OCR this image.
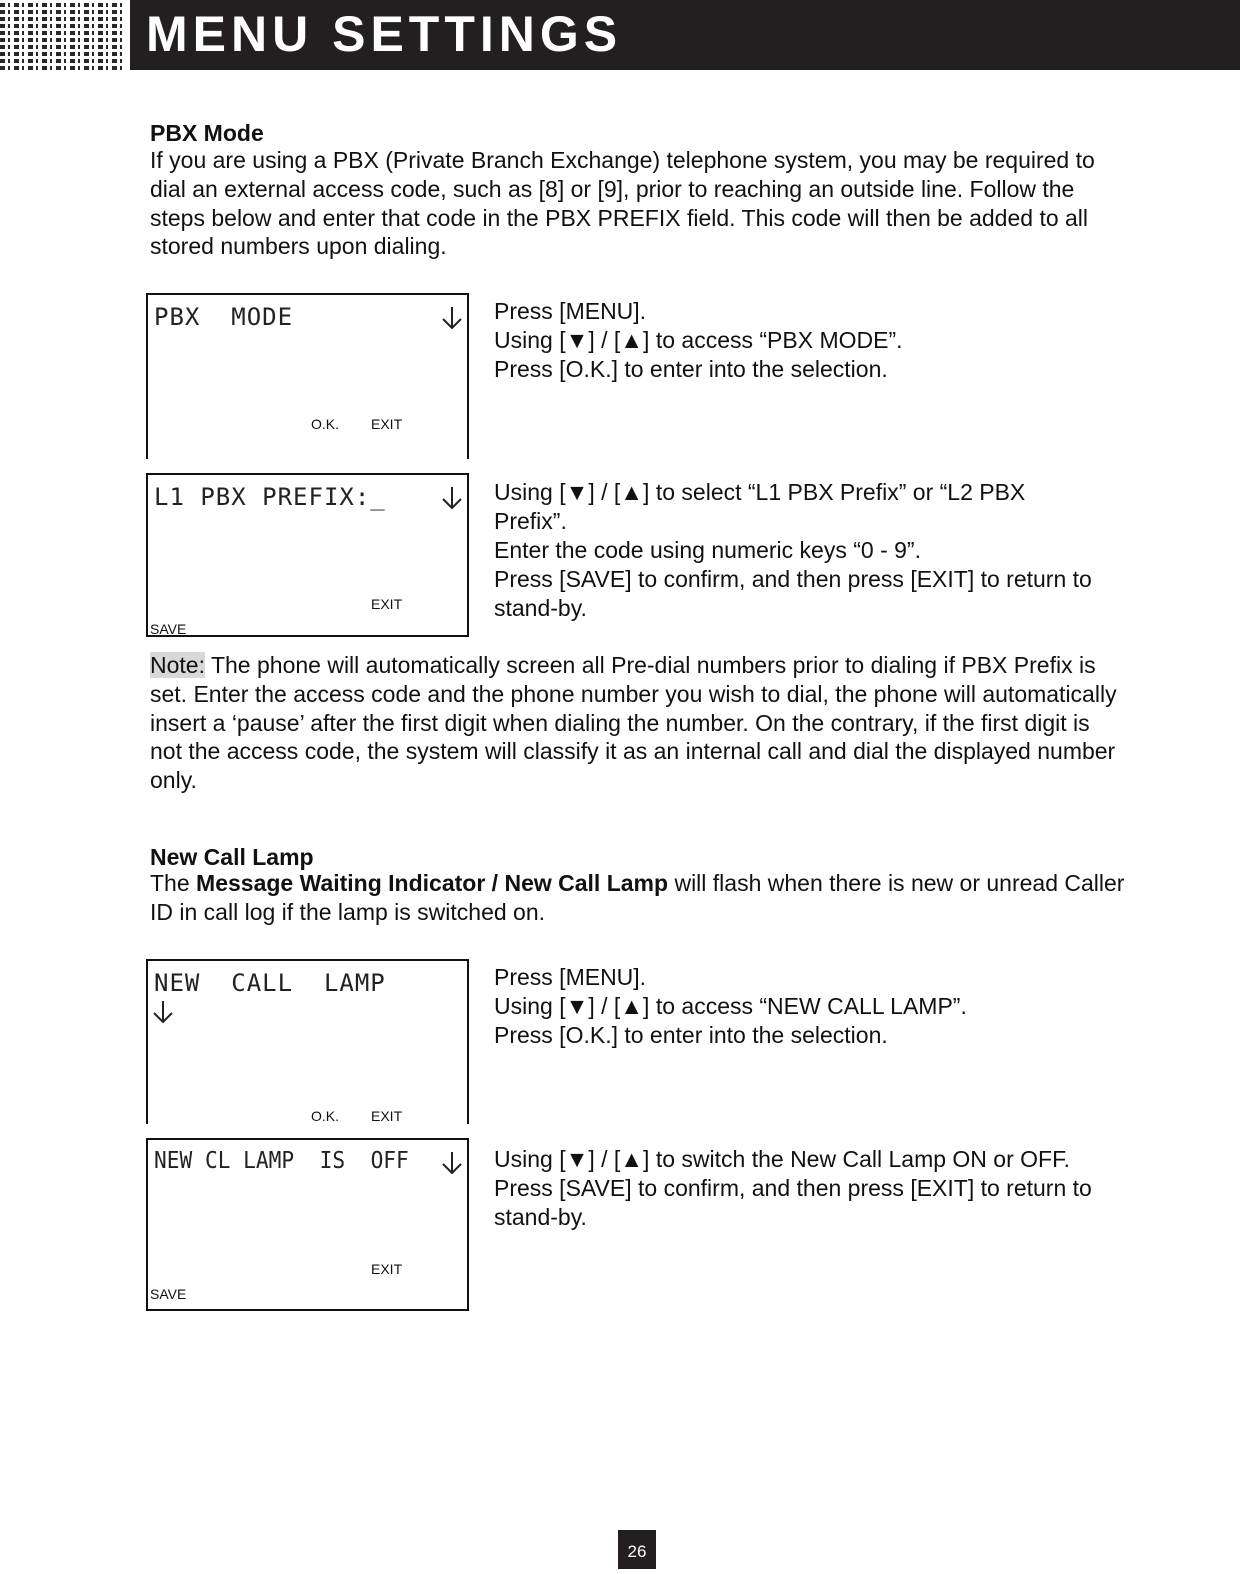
MENU SETTINGS
PBX Mode
If you are using a PBX (Private Branch Exchange) telephone system, you may be required to dial an external access code, such as [8] or [9], prior to reaching an outside line. Follow the steps below and enter that code in the PBX PREFIX field. This code will then be added to all stored numbers upon dialing.
PBX  MODE
O.K. EXIT
Press [MENU].
Using [▼] / [▲] to access “PBX MODE”.
Press [O.K.] to enter into the selection.
L1 PBX PREFIX:_
EXIT
SAVE
Using [▼] / [▲] to select “L1 PBX Prefix” or “L2 PBX Prefix”.
Enter the code using numeric keys “0 - 9”.
Press [SAVE] to confirm, and then press [EXIT] to return to stand-by.
Note: The phone will automatically screen all Pre-dial numbers prior to dialing if PBX Prefix is set. Enter the access code and the phone number you wish to dial, the phone will automatically insert a ‘pause’ after the first digit when dialing the number. On the contrary, if the first digit is not the access code, the system will classify it as an internal call and dial the displayed number only.
New Call Lamp
The Message Waiting Indicator / New Call Lamp will flash when there is new or unread Caller ID in call log if the lamp is switched on.
NEW  CALL  LAMP
O.K. EXIT
Press [MENU].
Using [▼] / [▲] to access “NEW CALL LAMP”.
Press [O.K.] to enter into the selection.
NEW CL LAMP  IS  OFF
EXIT
SAVE
Using [▼] / [▲] to switch the New Call Lamp ON or OFF.
Press [SAVE] to confirm, and then press [EXIT] to return to stand-by.
26
